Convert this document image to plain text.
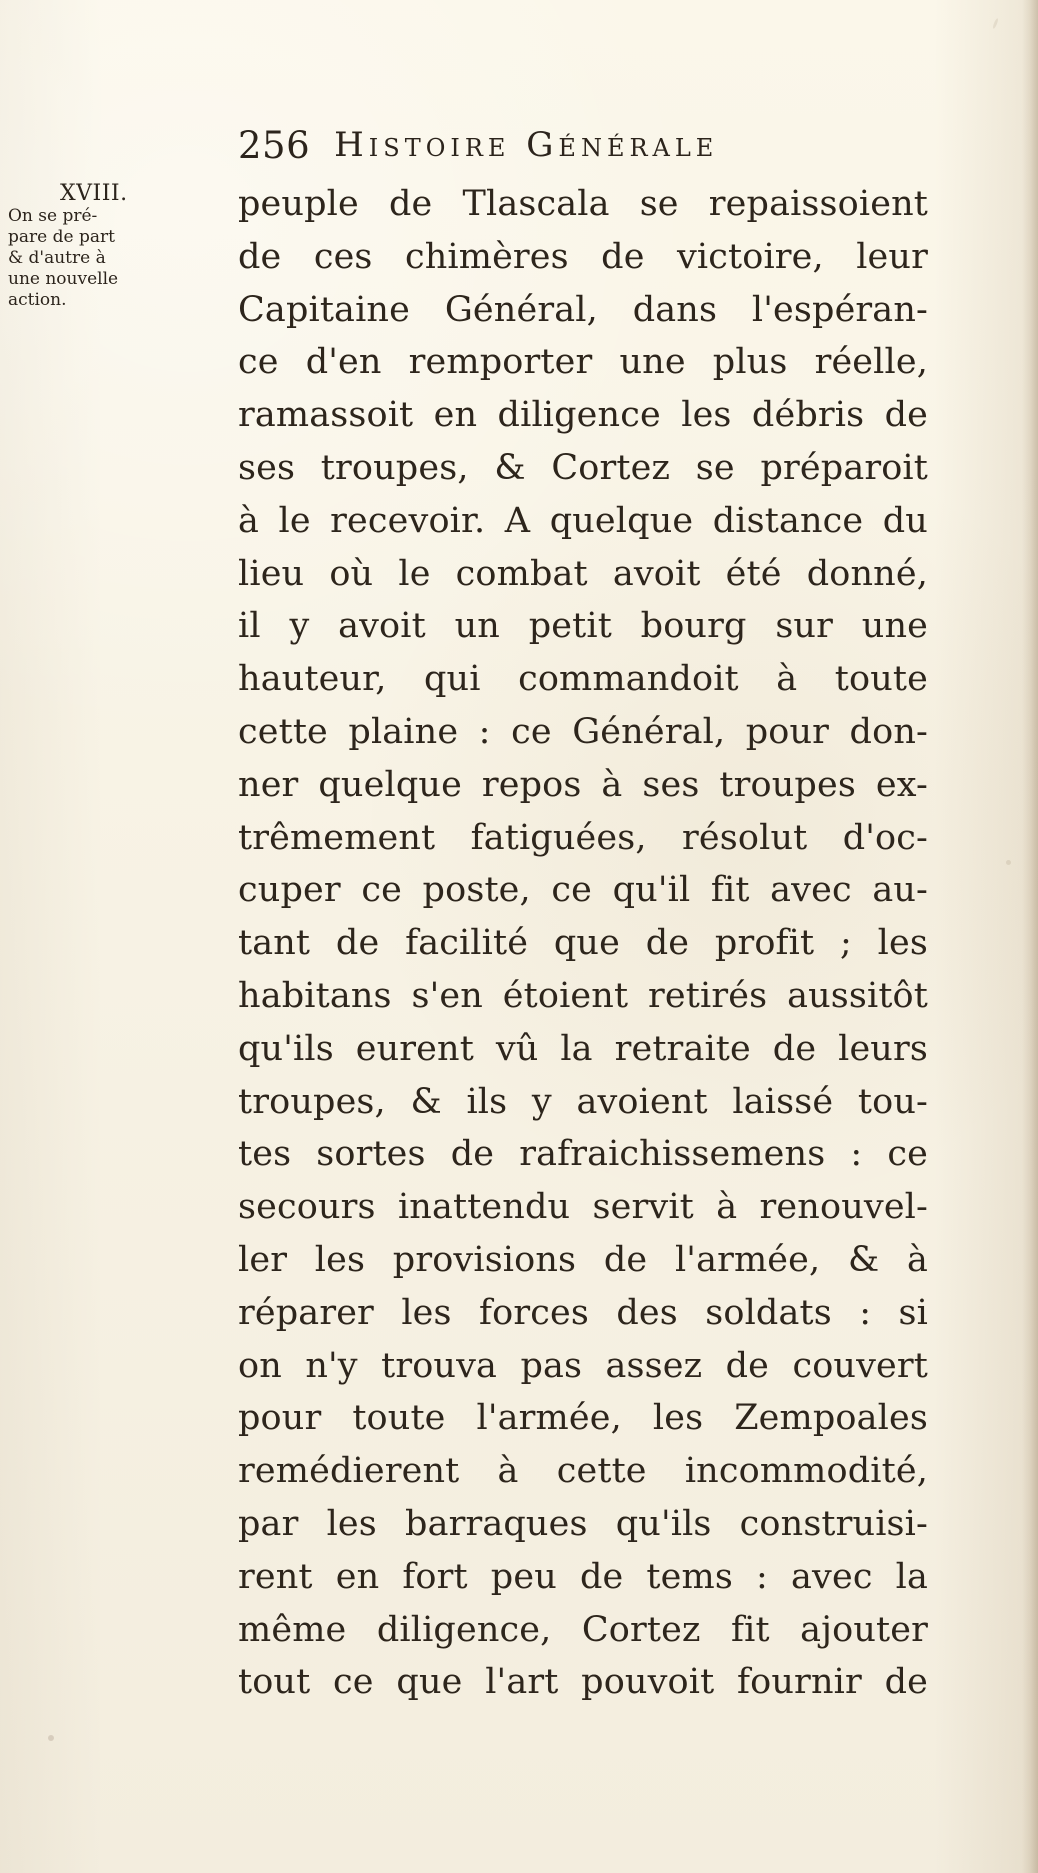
256 Histoire Générale
XVIII.
On se pré-
pare de part
& d'autre à
une nouvelle
action.
peuple de Tlascala se repaissoient
de ces chimères de victoire, leur
Capitaine Général, dans l'espéran-
ce d'en remporter une plus réelle,
ramassoit en diligence les débris de
ses troupes, & Cortez se préparoit
à le recevoir. A quelque distance du
lieu où le combat avoit été donné,
il y avoit un petit bourg sur une
hauteur, qui commandoit à toute
cette plaine : ce Général, pour don-
ner quelque repos à ses troupes ex-
trêmement fatiguées, résolut d'oc-
cuper ce poste, ce qu'il fit avec au-
tant de facilité que de profit ; les
habitans s'en étoient retirés aussitôt
qu'ils eurent vû la retraite de leurs
troupes, & ils y avoient laissé tou-
tes sortes de rafraichissemens : ce
secours inattendu servit à renouvel-
ler les provisions de l'armée, & à
réparer les forces des soldats : si
on n'y trouva pas assez de couvert
pour toute l'armée, les Zempoales
remédierent à cette incommodité,
par les barraques qu'ils construisi-
rent en fort peu de tems : avec la
même diligence, Cortez fit ajouter
tout ce que l'art pouvoit fournir de
